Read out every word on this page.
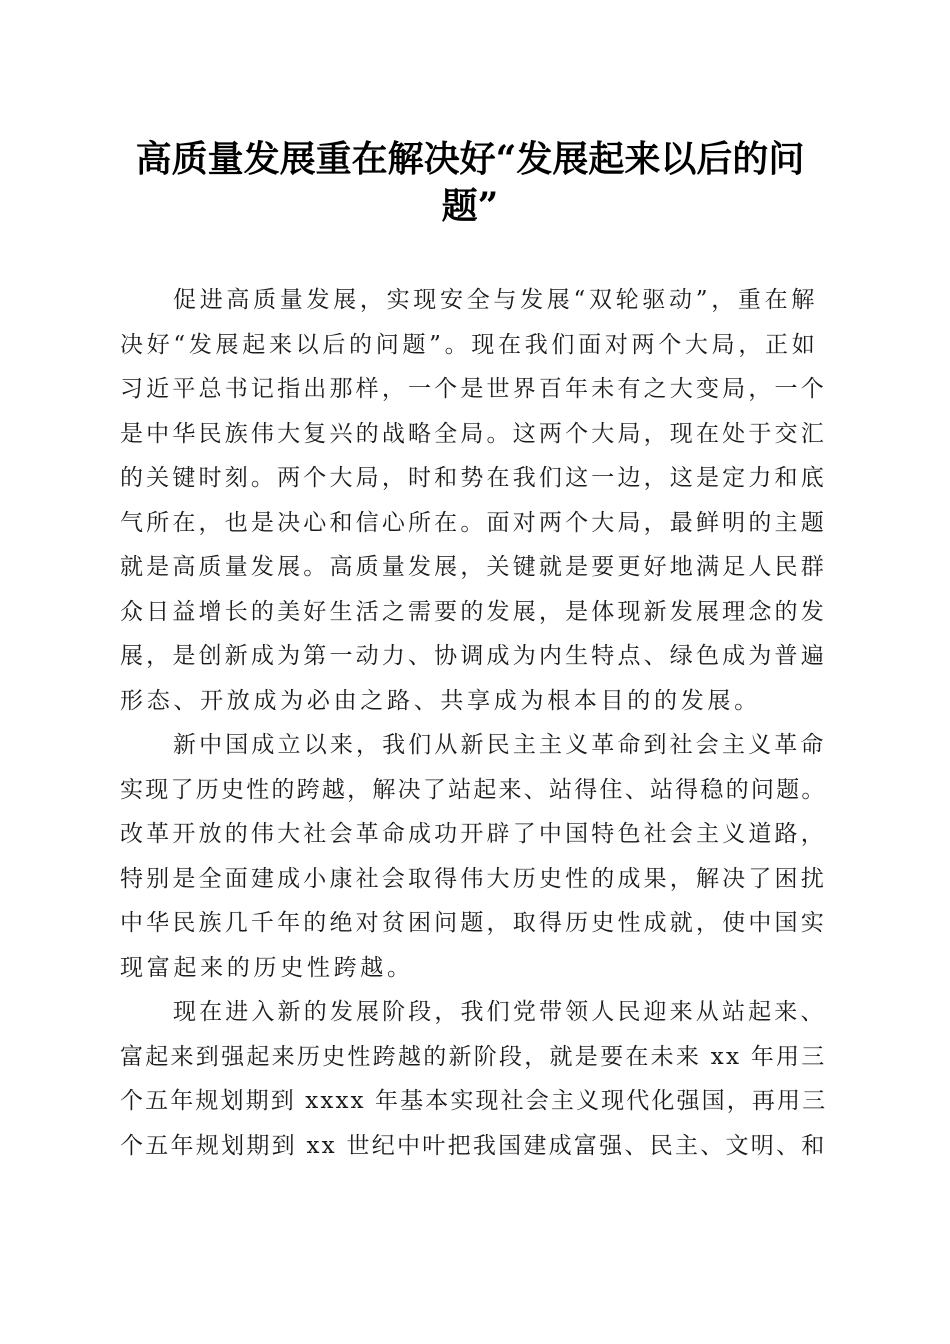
高质量发展重在解决好“发展起来以后的问
题”

促进高质量发展，实现安全与发展“双轮驱动”，重在解
决好“发展起来以后的问题”。现在我们面对两个大局，正如
习近平总书记指出那样，一个是世界百年未有之大变局，一个
是中华民族伟大复兴的战略全局。这两个大局，现在处于交汇
的关键时刻。两个大局，时和势在我们这一边，这是定力和底
气所在，也是决心和信心所在。面对两个大局，最鲜明的主题
就是高质量发展。高质量发展，关键就是要更好地满足人民群
众日益增长的美好生活之需要的发展，是体现新发展理念的发
展，是创新成为第一动力、协调成为内生特点、绿色成为普遍
形态、开放成为必由之路、共享成为根本目的的发展。

新中国成立以来，我们从新民主主义革命到社会主义革命
实现了历史性的跨越，解决了站起来、站得住、站得稳的问题。
改革开放的伟大社会革命成功开辟了中国特色社会主义道路，
特别是全面建成小康社会取得伟大历史性的成果，解决了困扰
中华民族几千年的绝对贫困问题，取得历史性成就，使中国实
现富起来的历史性跨越。

现在进入新的发展阶段，我们党带领人民迎来从站起来、
富起来到强起来历史性跨越的新阶段，就是要在未来 xx 年用三
个五年规划期到 xxxx 年基本实现社会主义现代化强国，再用三
个五年规划期到 xx 世纪中叶把我国建成富强、民主、文明、和
